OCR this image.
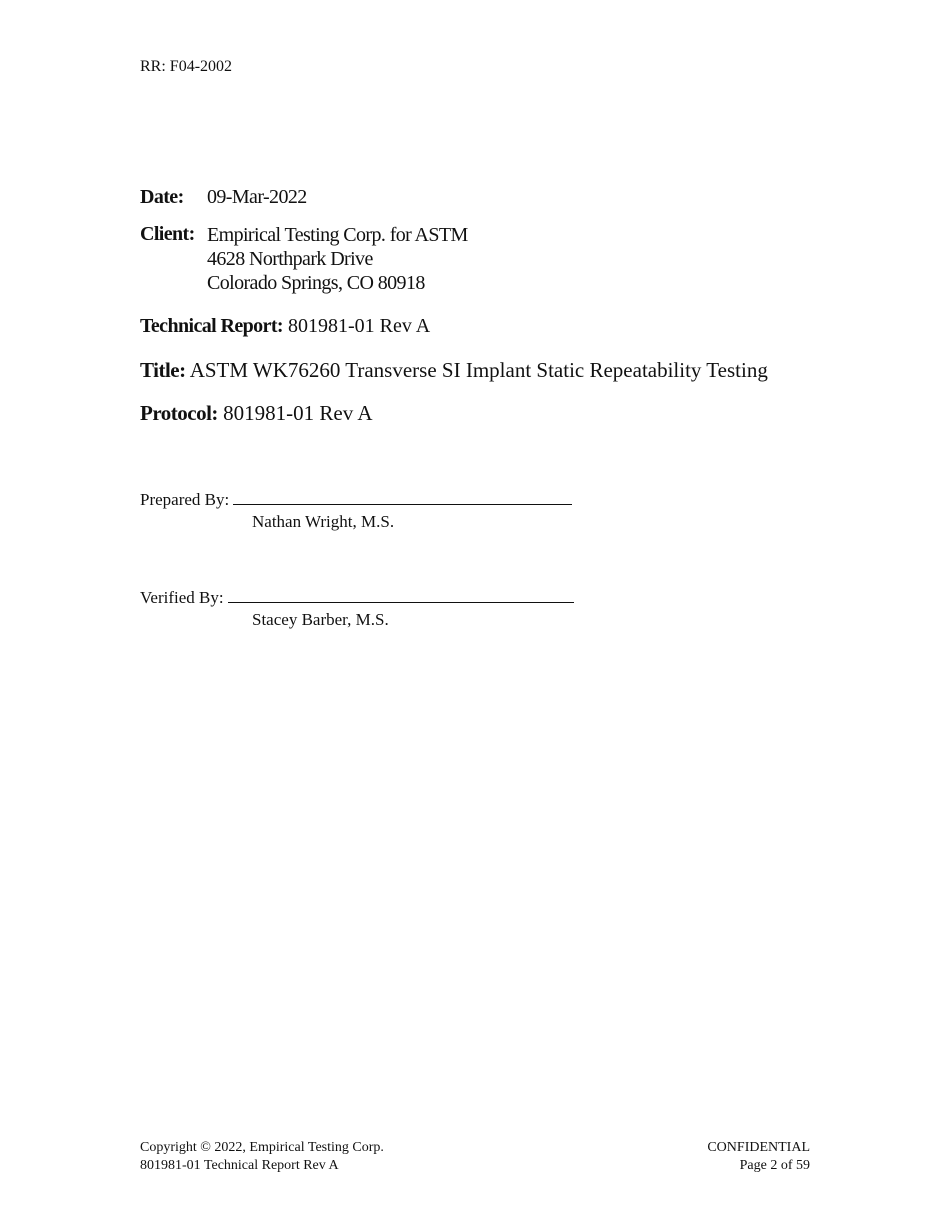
RR: F04-2002
Date: 09-Mar-2022
Client: Empirical Testing Corp. for ASTM
4628 Northpark Drive
Colorado Springs, CO 80918
Technical Report: 801981-01 Rev A
Title: ASTM WK76260 Transverse SI Implant Static Repeatability Testing
Protocol: 801981-01 Rev A
Prepared By:
Nathan Wright, M.S.
Verified By:
Stacey Barber, M.S.
Copyright © 2022, Empirical Testing Corp.
801981-01 Technical Report Rev A
CONFIDENTIAL
Page 2 of 59
